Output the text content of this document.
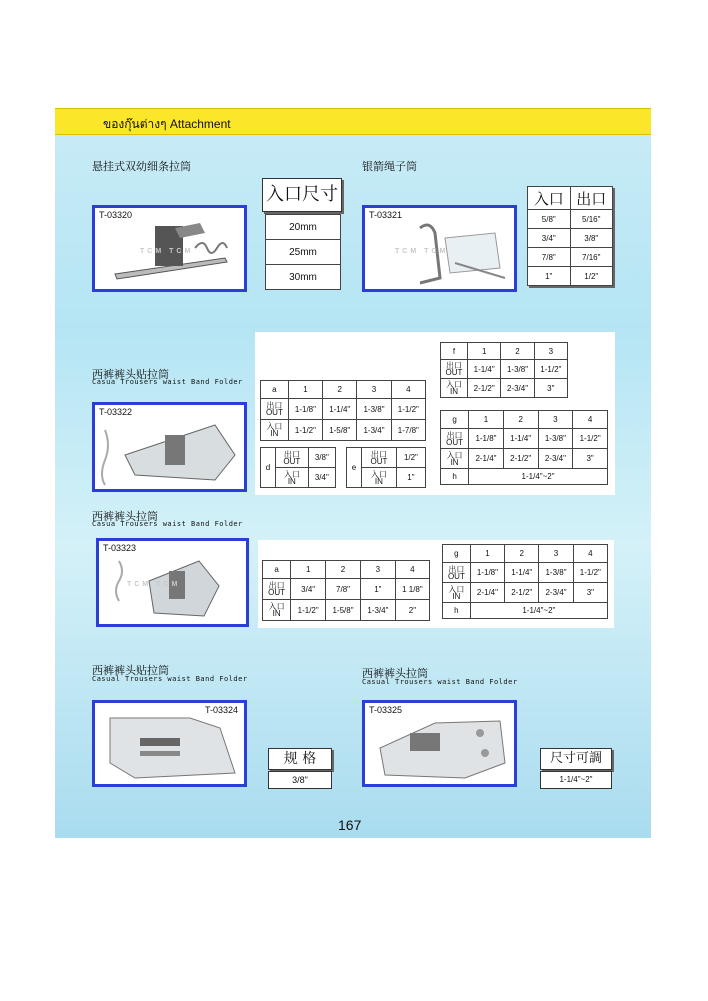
ของกุ๊นต่างๆ Attachment
悬挂式双幼细条拉筒
T-03320
TCM TCM
入口尺寸
20mm
25mm
30mm
银箭绳子筒
T-03321
TCM TCM
入口	出口
5/8"	5/16"
3/4"	3/8"
7/8"	7/16"
1"	1/2"
西裤裤头贴拉筒
Casua Trousers waist Band Folder
T-03322
a	1	2	3	4
出口
OUT	1-1/8"	1-1/4"	1-3/8"	1-1/2"
入口
IN	1-1/2"	1-5/8"	1-3/4"	1-7/8"
d	出口
OUT	3/8"
	入口
IN	3/4"
e	出口
OUT	1/2"
	入口
IN	1"
f	1	2	3
出口
OUT	1-1/4"	1-3/8"	1-1/2"
入口
IN	2-1/2"	2-3/4"	3"
g	1	2	3	4
出口
OUT	1-1/8"	1-1/4"	1-3/8"	1-1/2"
入口
IN	2-1/4"	2-1/2"	2-3/4"	3"
h	1-1/4"~2"			
西裤裤头拉筒
Casua Trousers waist Band Folder
T-03323
TCM TCM
a	1	2	3	4
出口
OUT	3/4"	7/8"	1"	1 1/8"
入口
IN	1-1/2"	1-5/8"	1-3/4"	2"
g	1	2	3	4
出口
OUT	1-1/8"	1-1/4"	1-3/8"	1-1/2"
入口
IN	2-1/4"	2-1/2"	2-3/4"	3"
h	1-1/4"~2"			
西裤裤头贴拉筒
Casual Trousers waist Band Folder
T-03324
规 格
3/8"
西裤裤头拉筒
Casual Trousers waist Band Folder
T-03325
尺寸可調
1-1/4"~2"
167
